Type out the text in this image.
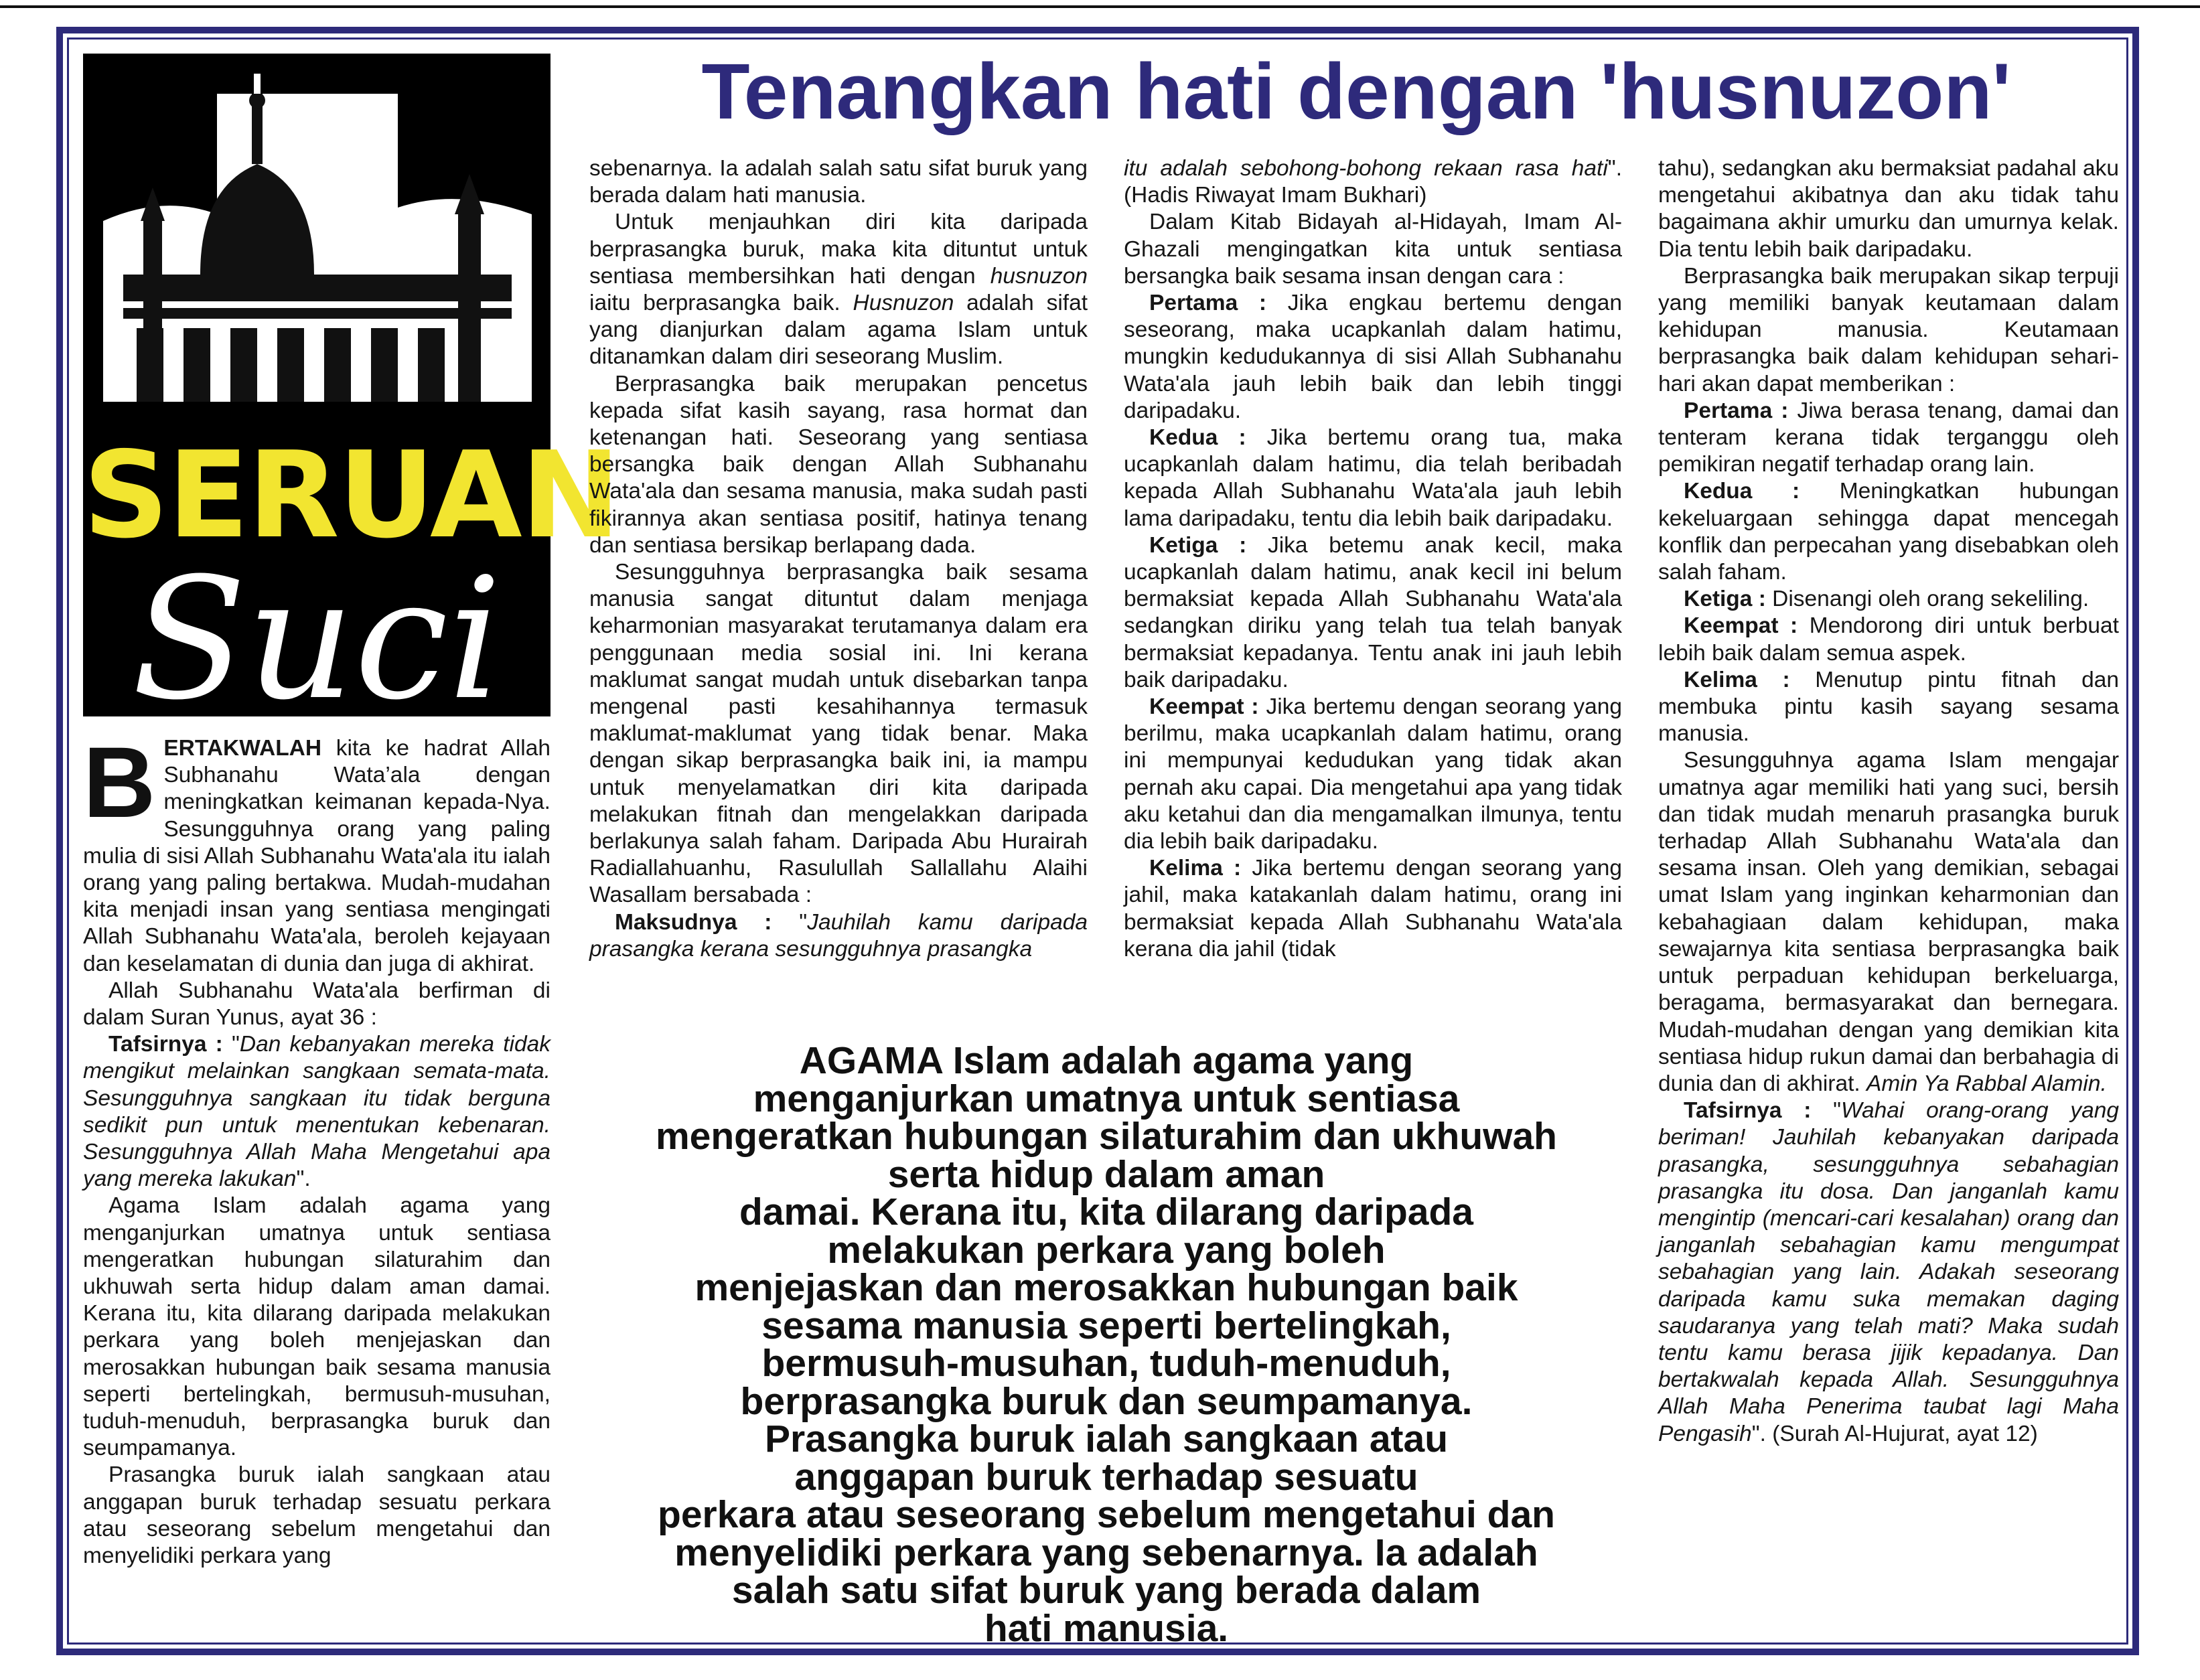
Tenangkan hati dengan 'husnuzon'
SERUAN
Suci

BERTAKWALAH kita ke hadrat Allah Subhanahu Wata’ala dengan meningkatkan keimanan kepada-Nya. Sesungguhnya orang yang paling mulia di sisi Allah Subhanahu Wata'ala itu ialah orang yang paling bertakwa. Mudah-mudahan kita menjadi insan yang sentiasa mengingati Allah Subhanahu Wata'ala, beroleh kejayaan dan keselamatan di dunia dan juga di akhirat.

Allah Subhanahu Wata'ala berfirman di dalam Suran Yunus, ayat 36 :

Tafsirnya : "Dan kebanyakan mereka tidak mengikut melainkan sangkaan semata-mata. Sesungguhnya sangkaan itu tidak berguna sedikit pun untuk menentukan kebenaran. Sesungguhnya Allah Maha Mengetahui apa yang mereka lakukan".

Agama Islam adalah agama yang menganjurkan umatnya untuk sentiasa mengeratkan hubungan silaturahim dan ukhuwah serta hidup dalam aman damai. Kerana itu, kita dilarang daripada melakukan perkara yang boleh menjejaskan dan merosakkan hubungan baik sesama manusia seperti bertelingkah, bermusuh-musuhan, tuduh-menuduh, berprasangka buruk dan seumpamanya.

Prasangka buruk ialah sangkaan atau anggapan buruk terhadap sesuatu perkara atau seseorang sebelum mengetahui dan menyelidiki perkara yang

sebenarnya. Ia adalah salah satu sifat buruk yang berada dalam hati manusia.

Untuk menjauhkan diri kita daripada berprasangka buruk, maka kita dituntut untuk sentiasa membersihkan hati dengan husnuzon iaitu berprasangka baik. Husnuzon adalah sifat yang dianjurkan dalam agama Islam untuk ditanamkan dalam diri seseorang Muslim.

Berprasangka baik merupakan pencetus kepada sifat kasih sayang, rasa hormat dan ketenangan hati. Seseorang yang sentiasa bersangka baik dengan Allah Subhanahu Wata'ala dan sesama manusia, maka sudah pasti fikirannya akan sentiasa positif, hatinya tenang dan sentiasa bersikap berlapang dada.

Sesungguhnya berprasangka baik sesama manusia sangat dituntut dalam menjaga keharmonian masyarakat terutamanya dalam era penggunaan media sosial ini. Ini kerana maklumat sangat mudah untuk disebarkan tanpa mengenal pasti kesahihannya termasuk maklumat-maklumat yang tidak benar. Maka dengan sikap berprasangka baik ini, ia mampu untuk menyelamatkan diri kita daripada melakukan fitnah dan mengelakkan daripada berlakunya salah faham. Daripada Abu Hurairah Radiallahuanhu, Rasulullah Sallallahu Alaihi Wasallam bersabada :

Maksudnya : "Jauhilah kamu daripada prasangka kerana sesungguhnya prasangka

itu adalah sebohong-bohong rekaan rasa hati". (Hadis Riwayat Imam Bukhari)

Dalam Kitab Bidayah al-Hidayah, Imam Al-Ghazali mengingatkan kita untuk sentiasa bersangka baik sesama insan dengan cara :

Pertama : Jika engkau bertemu dengan seseorang, maka ucapkanlah dalam hatimu, mungkin kedudukannya di sisi Allah Subhanahu Wata'ala jauh lebih baik dan lebih tinggi daripadaku.

Kedua : Jika bertemu orang tua, maka ucapkanlah dalam hatimu, dia telah beribadah kepada Allah Subhanahu Wata'ala jauh lebih lama daripadaku, tentu dia lebih baik daripadaku.

Ketiga : Jika betemu anak kecil, maka ucapkanlah dalam hatimu, anak kecil ini belum bermaksiat kepada Allah Subhanahu Wata'ala sedangkan diriku yang telah tua telah banyak bermaksiat kepadanya. Tentu anak ini jauh lebih baik daripadaku.

Keempat : Jika bertemu dengan seorang yang berilmu, maka ucapkanlah dalam hatimu, orang ini mempunyai kedudukan yang tidak akan pernah aku capai. Dia mengetahui apa yang tidak aku ketahui dan dia mengamalkan ilmunya, tentu dia lebih baik daripadaku.

Kelima : Jika bertemu dengan seorang yang jahil, maka katakanlah dalam hatimu, orang ini bermaksiat kepada Allah Subhanahu Wata'ala kerana dia jahil (tidak

tahu), sedangkan aku bermaksiat padahal aku mengetahui akibatnya dan aku tidak tahu bagaimana akhir umurku dan umurnya kelak. Dia tentu lebih baik daripadaku.

Berprasangka baik merupakan sikap terpuji yang memiliki banyak keutamaan dalam kehidupan manusia. Keutamaan berprasangka baik dalam kehidupan sehari-hari akan dapat memberikan :

Pertama : Jiwa berasa tenang, damai dan tenteram kerana tidak terganggu oleh pemikiran negatif terhadap orang lain.

Kedua : Meningkatkan hubungan kekeluargaan sehingga dapat mencegah konflik dan perpecahan yang disebabkan oleh salah faham.

Ketiga : Disenangi oleh orang sekeliling.

Keempat : Mendorong diri untuk berbuat lebih baik dalam semua aspek.

Kelima : Menutup pintu fitnah dan membuka pintu kasih sayang sesama manusia.

Sesungguhnya agama Islam mengajar umatnya agar memiliki hati yang suci, bersih dan tidak mudah menaruh prasangka buruk terhadap Allah Subhanahu Wata'ala dan sesama insan. Oleh yang demikian, sebagai umat Islam yang inginkan keharmonian dan kebahagiaan dalam kehidupan, maka sewajarnya kita sentiasa berprasangka baik untuk perpaduan kehidupan berkeluarga, beragama, bermasyarakat dan bernegara. Mudah-mudahan dengan yang demikian kita sentiasa hidup rukun damai dan berbahagia di dunia dan di akhirat. Amin Ya Rabbal Alamin.

Tafsirnya : "Wahai orang-orang yang beriman! Jauhilah kebanyakan daripada prasangka, sesungguhnya sebahagian prasangka itu dosa. Dan janganlah kamu mengintip (mencari-cari kesalahan) orang dan janganlah sebahagian kamu mengumpat sebahagian yang lain. Adakah seseorang daripada kamu suka memakan daging saudaranya yang telah mati? Maka sudah tentu kamu berasa jijik kepadanya. Dan bertakwalah kepada Allah. Sesungguhnya Allah Maha Penerima taubat lagi Maha Pengasih". (Surah Al-Hujurat, ayat 12)

AGAMA Islam adalah agama yang
menganjurkan umatnya untuk sentiasa
mengeratkan hubungan silaturahim dan ukhuwah
serta hidup dalam aman
damai. Kerana itu, kita dilarang daripada
melakukan perkara yang boleh
menjejaskan dan merosakkan hubungan baik
sesama manusia seperti bertelingkah,
bermusuh-musuhan, tuduh-menuduh,
berprasangka buruk dan seumpamanya.
Prasangka buruk ialah sangkaan atau
anggapan buruk terhadap sesuatu
perkara atau seseorang sebelum mengetahui dan
menyelidiki perkara yang sebenarnya. Ia adalah
salah satu sifat buruk yang berada dalam
hati manusia.
